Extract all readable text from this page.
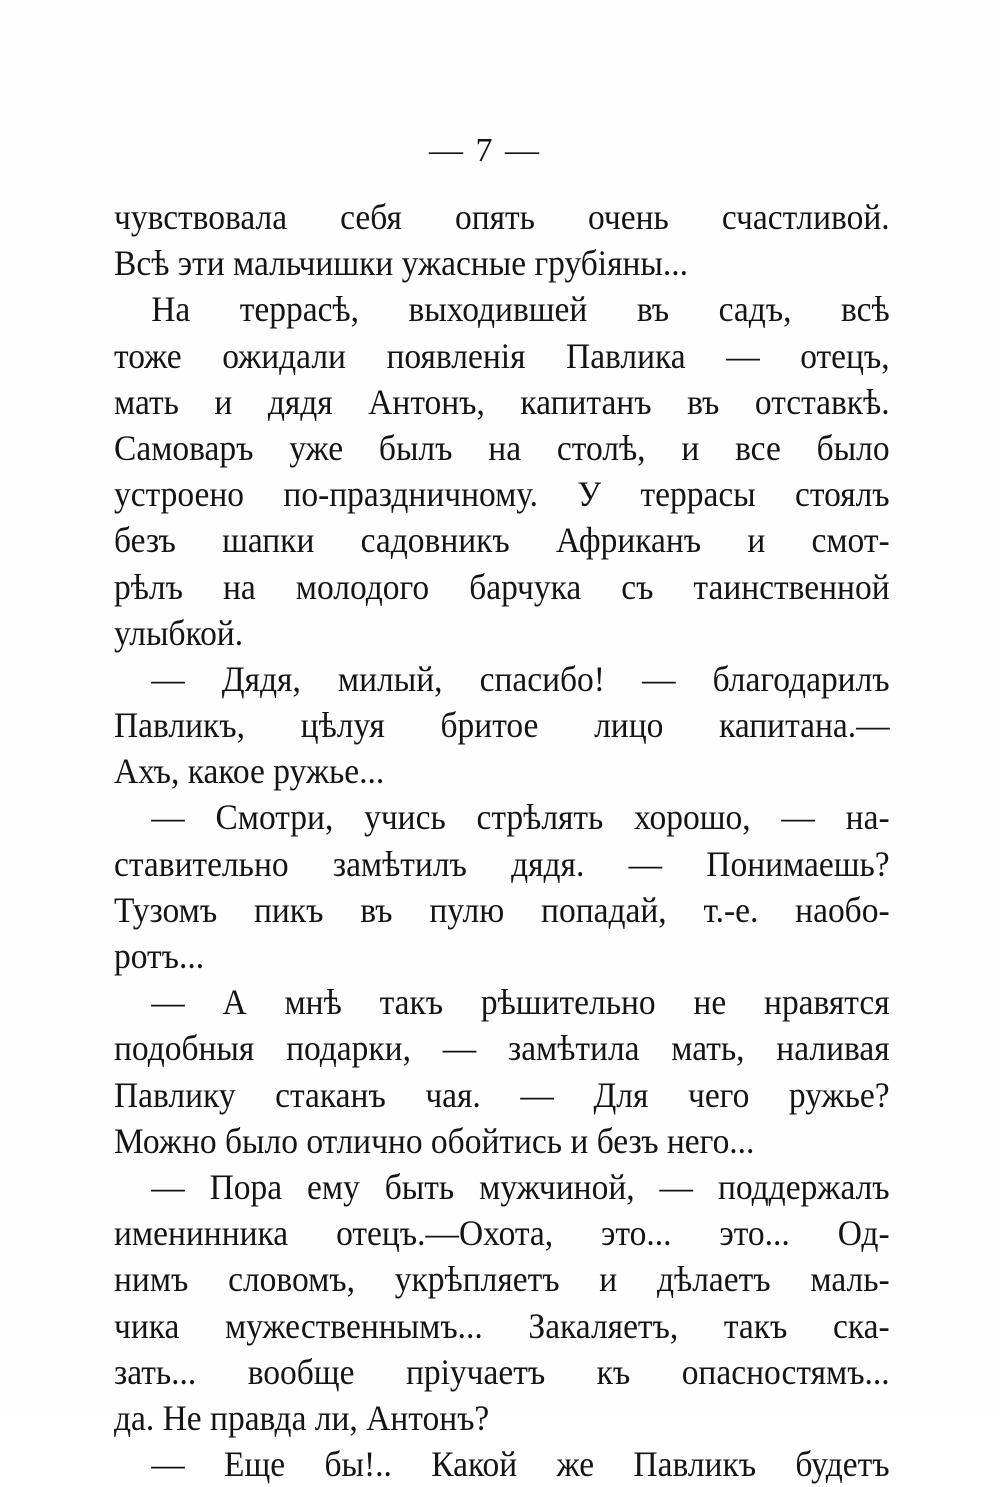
— 7 —
чувствовала себя опять очень счастливой.
Всѣ эти мальчишки ужасные грубіяны...
На террасѣ, выходившей въ садъ, всѣ
тоже ожидали появленія Павлика — отецъ,
мать и дядя Антонъ, капитанъ въ отставкѣ.
Самоваръ уже былъ на столѣ, и все было
устроено по-праздничному. У террасы стоялъ
безъ шапки садовникъ Африканъ и смот-
рѣлъ на молодого барчука съ таинственной
улыбкой.
— Дядя, милый, спасибо! — благодарилъ
Павликъ, цѣлуя бритое лицо капитана.—
Ахъ, какое ружье...
— Смотри, учись стрѣлять хорошо, — на-
ставительно замѣтилъ дядя. — Понимаешь?
Тузомъ пикъ въ пулю попадай, т.-е. наобо-
ротъ...
— А мнѣ такъ рѣшительно не нравятся
подобныя подарки, — замѣтила мать, наливая
Павлику стаканъ чая. — Для чего ружье?
Можно было отлично обойтись и безъ него...
— Пора ему быть мужчиной, — поддержалъ
именинника отецъ.—Охота, это... это... Од-
нимъ словомъ, укрѣпляетъ и дѣлаетъ маль-
чика мужественнымъ... Закаляетъ, такъ ска-
зать... вообще пріучаетъ къ опасностямъ...
да. Не правда ли, Антонъ?
— Еще бы!.. Какой же Павликъ будетъ
